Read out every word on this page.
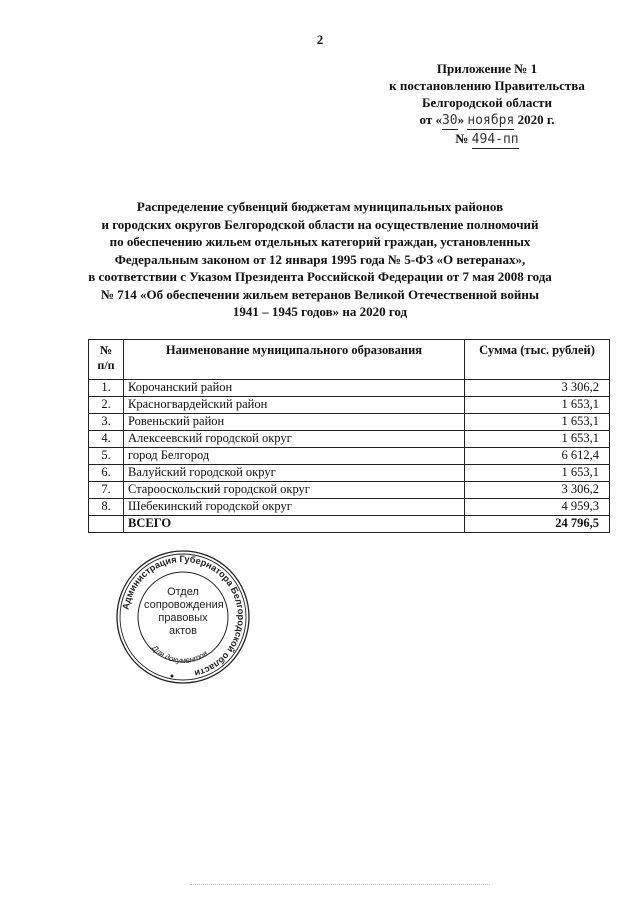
2
Приложение № 1
к постановлению Правительства
Белгородской области
от «30» ноября 2020 г.
№ 494-пп
Распределение субвенций бюджетам муниципальных районов
и городских округов Белгородской области на осуществление полномочий
по обеспечению жильем отдельных категорий граждан, установленных
Федеральным законом от 12 января 1995 года № 5-ФЗ «О ветеранах»,
в соответствии с Указом Президента Российской Федерации от 7 мая 2008 года
№ 714 «Об обеспечении жильем ветеранов Великой Отечественной войны
1941 – 1945 годов» на 2020 год
№
п/п	Наименование муниципального образования	Сумма (тыс. рублей)
1.	Корочанский район	3 306,2
2.	Красногвардейский район	1 653,1
3.	Ровеньский район	1 653,1
4.	Алексеевский городской округ	1 653,1
5.	город Белгород	6 612,4
6.	Валуйский городской округ	1 653,1
7.	Старооскольский городской округ	3 306,2
8.	Шебекинский городской округ	4 959,3
	ВСЕГО	24 796,5
Администрация Губернатора Белгородской области
Для документов
Отдел
сопровождения
правовых
актов
